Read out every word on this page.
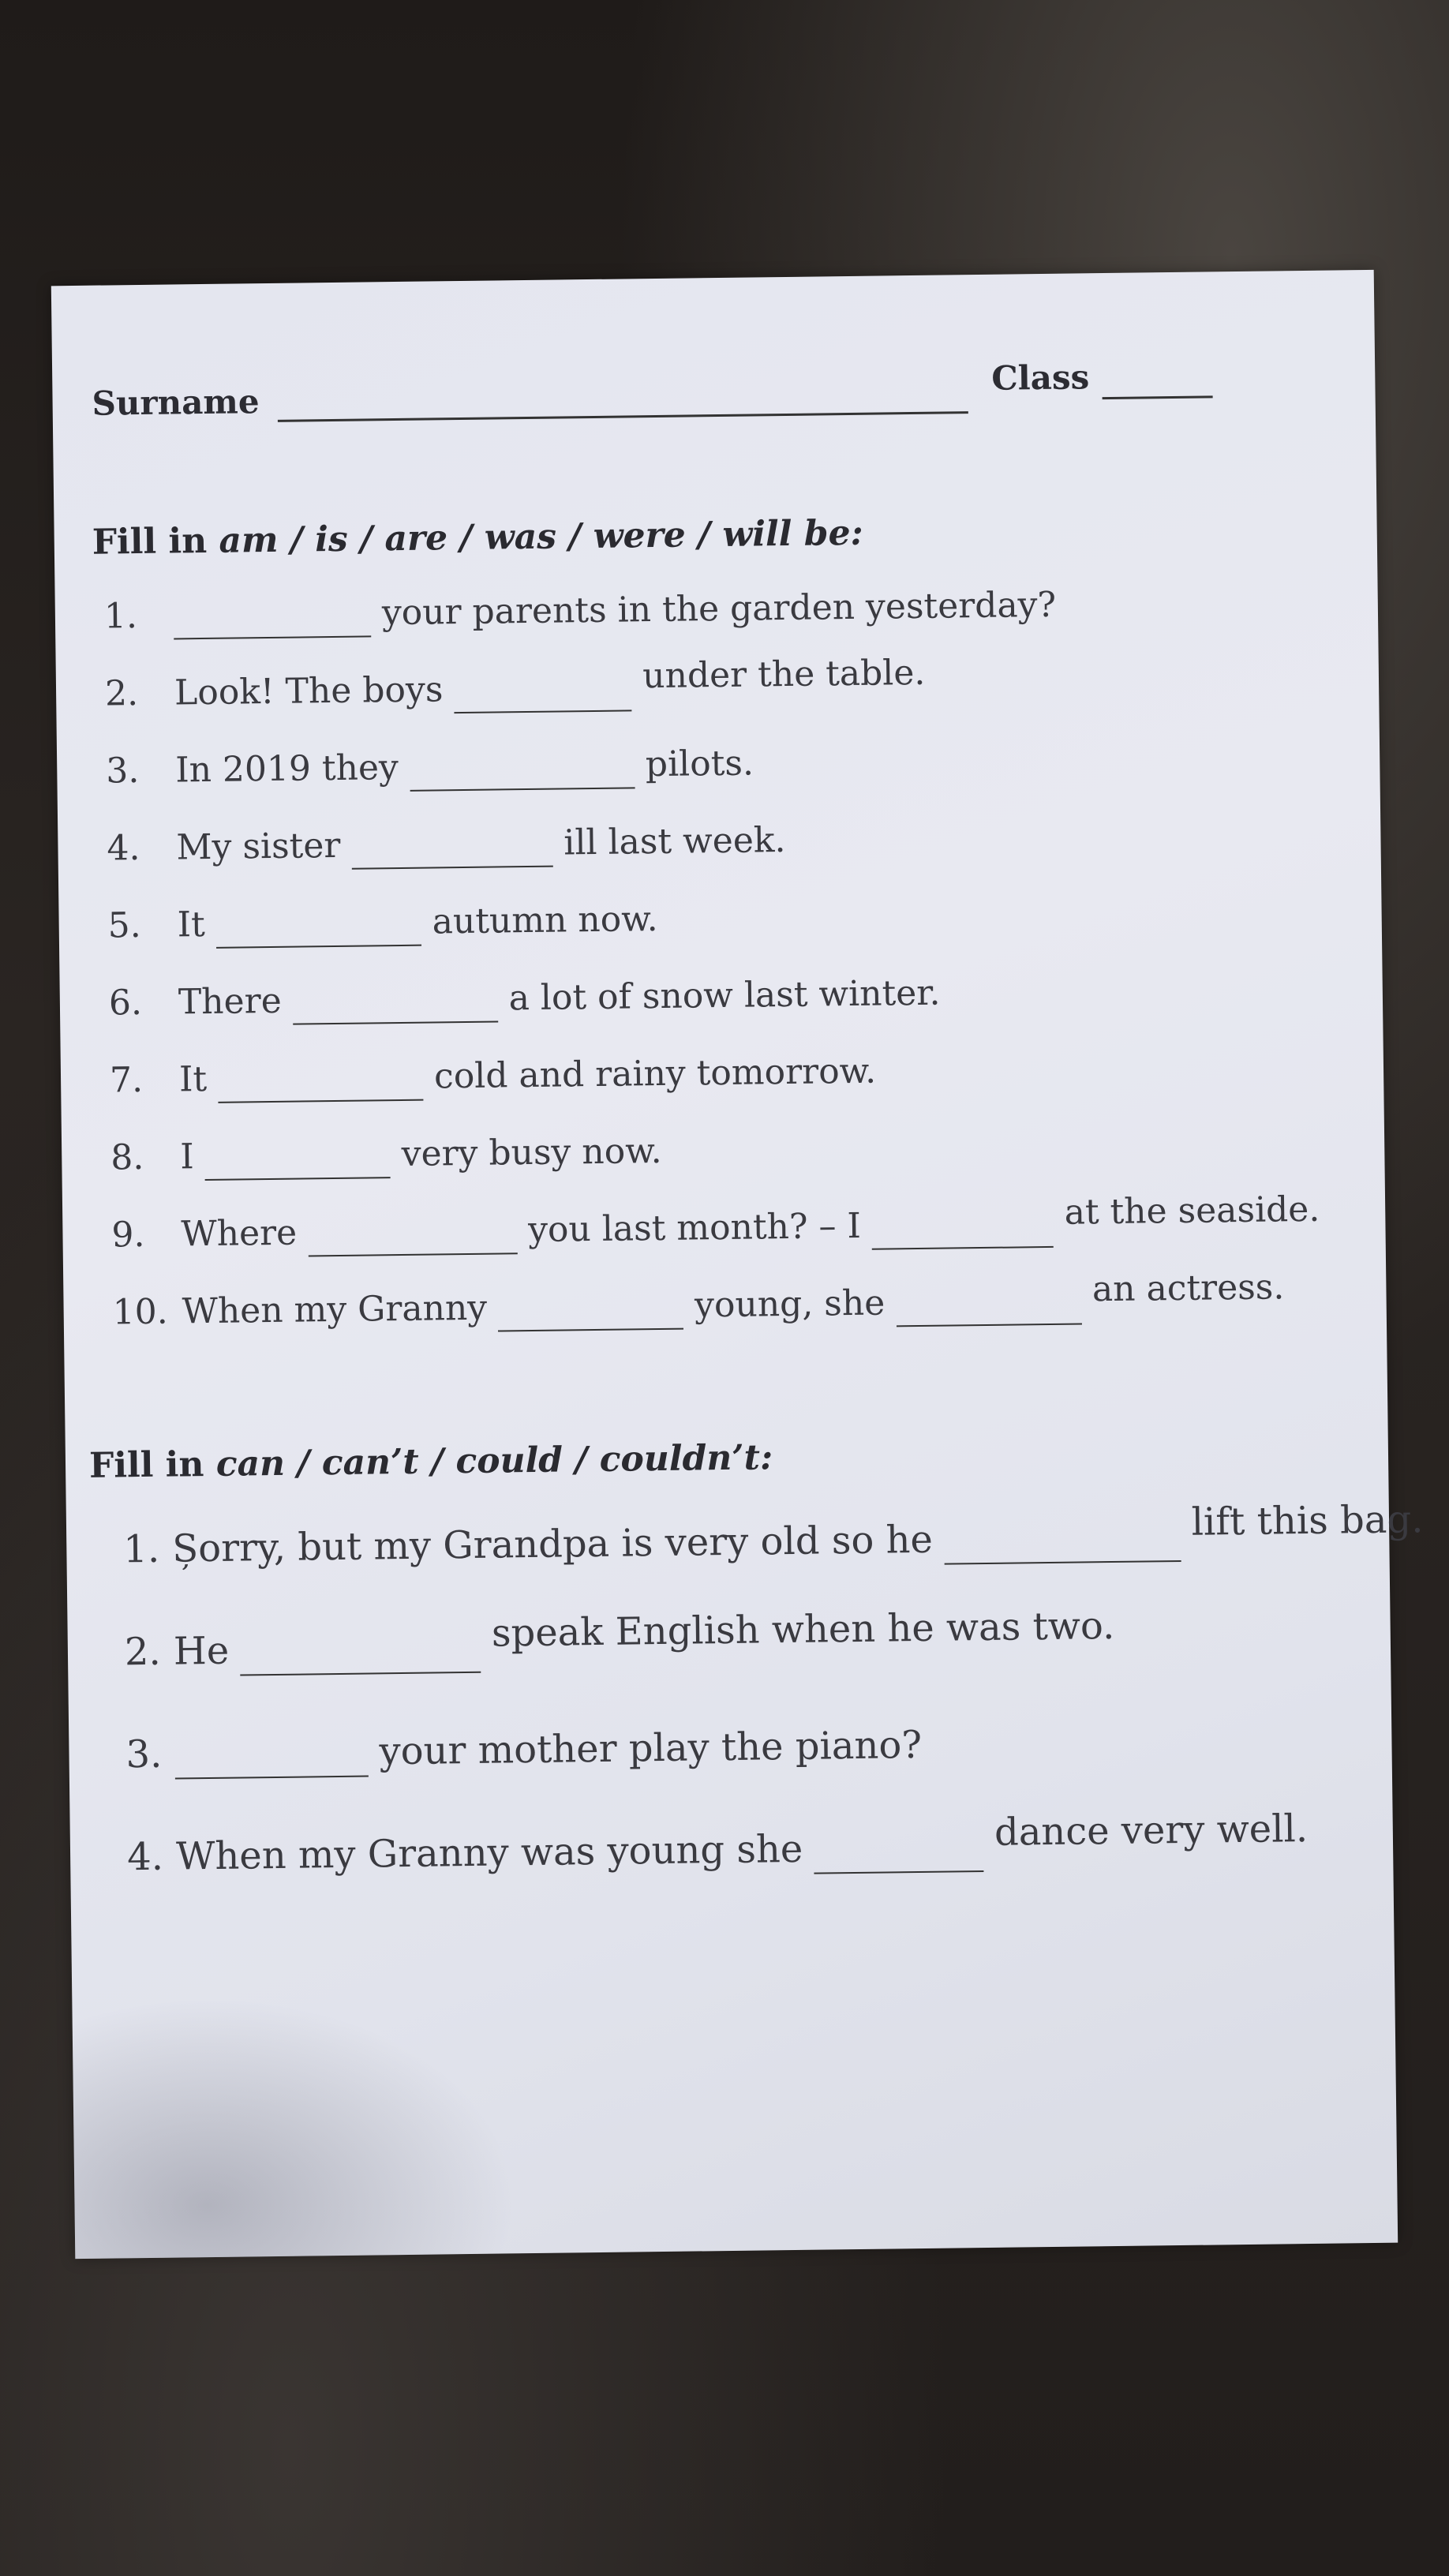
Surname
Class
Fill in am / is / are / was / were / will be:
1.	your parents in the garden yesterday?
2. Look! The boys	under the table.
3. In 2019 they	pilots.
4. My sister	ill last week.
5. It	autumn now.
6. There	a lot of snow last winter.
7. It	cold and rainy tomorrow.
8. I	very busy now.
9. Where	you last month? – I	at the seaside.
10. When my Granny	young, she	an actress.
Fill in can / can’t / could / couldn’t:
1. Șorry, but my Grandpa is very old so he	lift this bag.
2. He	speak English when he was two.
3.	your mother play the piano?
4. When my Granny was young she	dance very well.
